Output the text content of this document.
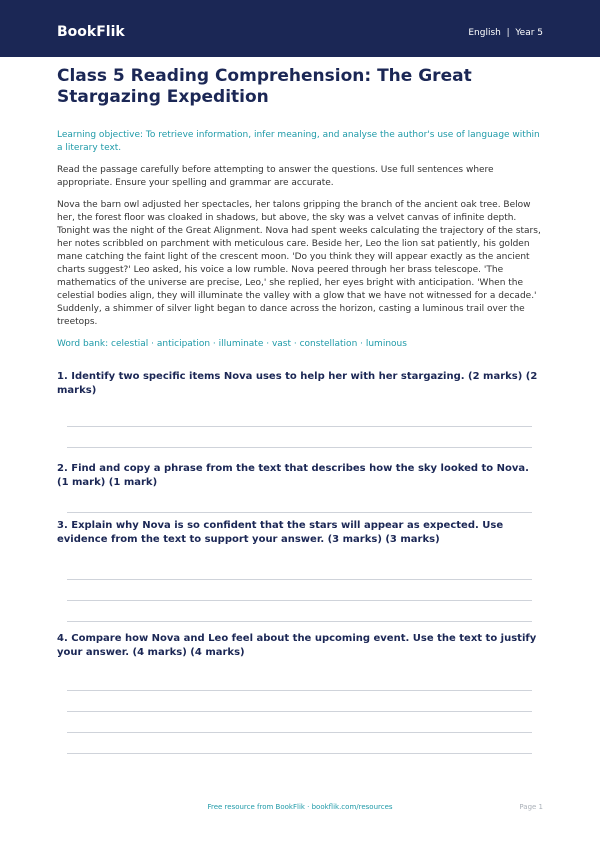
BookFlik	English  |  Year 5
Class 5 Reading Comprehension: The Great Stargazing Expedition
Learning objective: To retrieve information, infer meaning, and analyse the author's use of language within a literary text.
Read the passage carefully before attempting to answer the questions. Use full sentences where appropriate. Ensure your spelling and grammar are accurate.
Nova the barn owl adjusted her spectacles, her talons gripping the branch of the ancient oak tree. Below her, the forest floor was cloaked in shadows, but above, the sky was a velvet canvas of infinite depth. Tonight was the night of the Great Alignment. Nova had spent weeks calculating the trajectory of the stars, her notes scribbled on parchment with meticulous care. Beside her, Leo the lion sat patiently, his golden mane catching the faint light of the crescent moon. 'Do you think they will appear exactly as the ancient charts suggest?' Leo asked, his voice a low rumble. Nova peered through her brass telescope. 'The mathematics of the universe are precise, Leo,' she replied, her eyes bright with anticipation. 'When the celestial bodies align, they will illuminate the valley with a glow that we have not witnessed for a decade.' Suddenly, a shimmer of silver light began to dance across the horizon, casting a luminous trail over the treetops.
Word bank: celestial · anticipation · illuminate · vast · constellation · luminous
1. Identify two specific items Nova uses to help her with her stargazing. (2 marks) (2 marks)
2. Find and copy a phrase from the text that describes how the sky looked to Nova. (1 mark) (1 mark)
3. Explain why Nova is so confident that the stars will appear as expected. Use evidence from the text to support your answer. (3 marks) (3 marks)
4. Compare how Nova and Leo feel about the upcoming event. Use the text to justify your answer. (4 marks) (4 marks)
Free resource from BookFlik · bookflik.com/resources	Page 1
